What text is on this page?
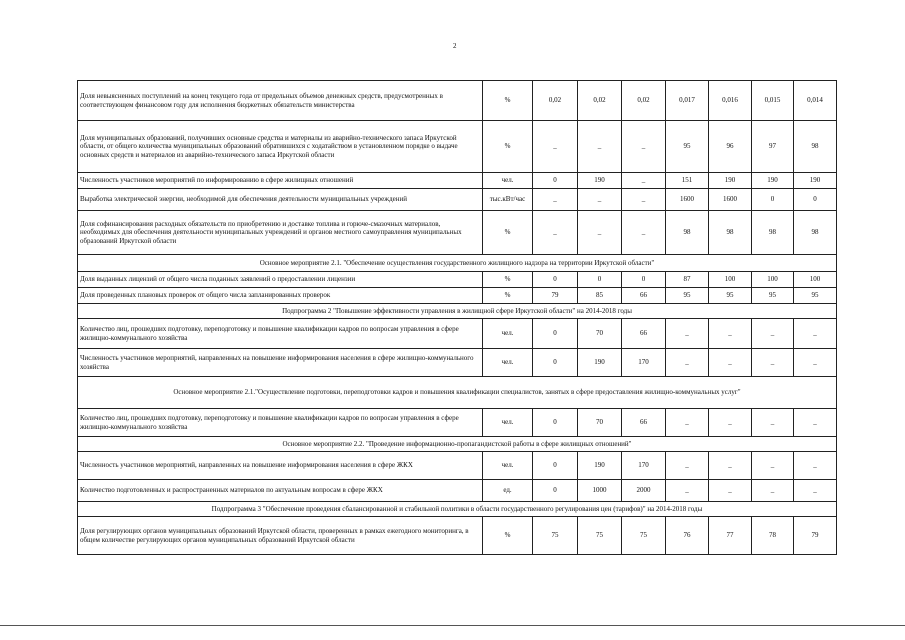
2
Доля невыясненных поступлений на конец текущего года от предельных объемов денежных средств, предусмотренных в соответствующем финансовом году для исполнения бюджетных обязательств министерства	%	0,02	0,02	0,02	0,017	0,016	0,015	0,014
Доля муниципальных образований, получивших основные средства и материалы из аварийно-технического запаса Иркутской области, от общего количества муниципальных образований обратившихся с ходатайством в установленном порядке о выдаче основных средств и материалов из аварийно-технического запаса Иркутской области	%	_	_	_	95	96	97	98
Численность участников мероприятий по информированию в сфере жилищных отношений	чел.	0	190	_	151	190	190	190
Выработка электрической энергии, необходимой для обеспечения деятельности муниципальных учреждений	тыс.кВт/час	_	_	_	1600	1600	0	0
Доля софинансирования расходных обязательств по приобретению и доставке топлива и горюче-смазочных материалов, необходимых для обеспечения деятельности муниципальных учреждений и органов местного самоуправления муниципальных образований Иркутской области	%	_	_	_	98	98	98	98
Основное мероприятие 2.1. "Обеспечение осуществления государственного жилищного надзора на территории Иркутской области"								
Доля выданных лицензий от общего числа поданных заявлений о предоставлении лицензии	%	0	0	0	87	100	100	100
Доля проведенных плановых проверок от общего числа запланированных проверок	%	79	85	66	95	95	95	95
Подпрограмма 2 "Повышение эффективности управления в жилищной сфере Иркутской области" на 2014-2018 годы								
Количество лиц, прошедших подготовку, переподготовку и повышение квалификации кадров по вопросам управления в сфере жилищно-коммунального хозяйства	чел.	0	70	66	_	_	_	_
Численность участников мероприятий, направленных на повышение информирования населения в сфере жилищно-коммунального хозяйства	чел.	0	190	170	_	_	_	_
Основное мероприятие 2.1."Осуществление подготовки, переподготовки кадров и повышения квалификации специалистов, занятых в сфере предоставления жилищно-коммунальных услуг"								
Количество лиц, прошедших подготовку, переподготовку и повышение квалификации кадров по вопросам управления в сфере жилищно-коммунального хозяйства	чел.	0	70	66	_	_	_	_
Основное мероприятие 2.2. "Проведение информационно-пропагандистской работы в сфере жилищных отношений"								
Численность участников мероприятий, направленных на повышение информирования населения в сфере ЖКХ	чел.	0	190	170	_	_	_	_
Количество подготовленных и распространенных материалов по актуальным вопросам в сфере ЖКХ	ед.	0	1000	2000	_	_	_	_
Подпрограмма 3 "Обеспечение проведения сбалансированной и стабильной политики в области государственного регулирования цен (тарифов)" на 2014-2018 годы								
Доля регулирующих органов муниципальных образований Иркутской области, проверенных в рамках ежегодного мониторинга, в общем количестве регулирующих органов муниципальных образований Иркутской области	%	75	75	75	76	77	78	79
